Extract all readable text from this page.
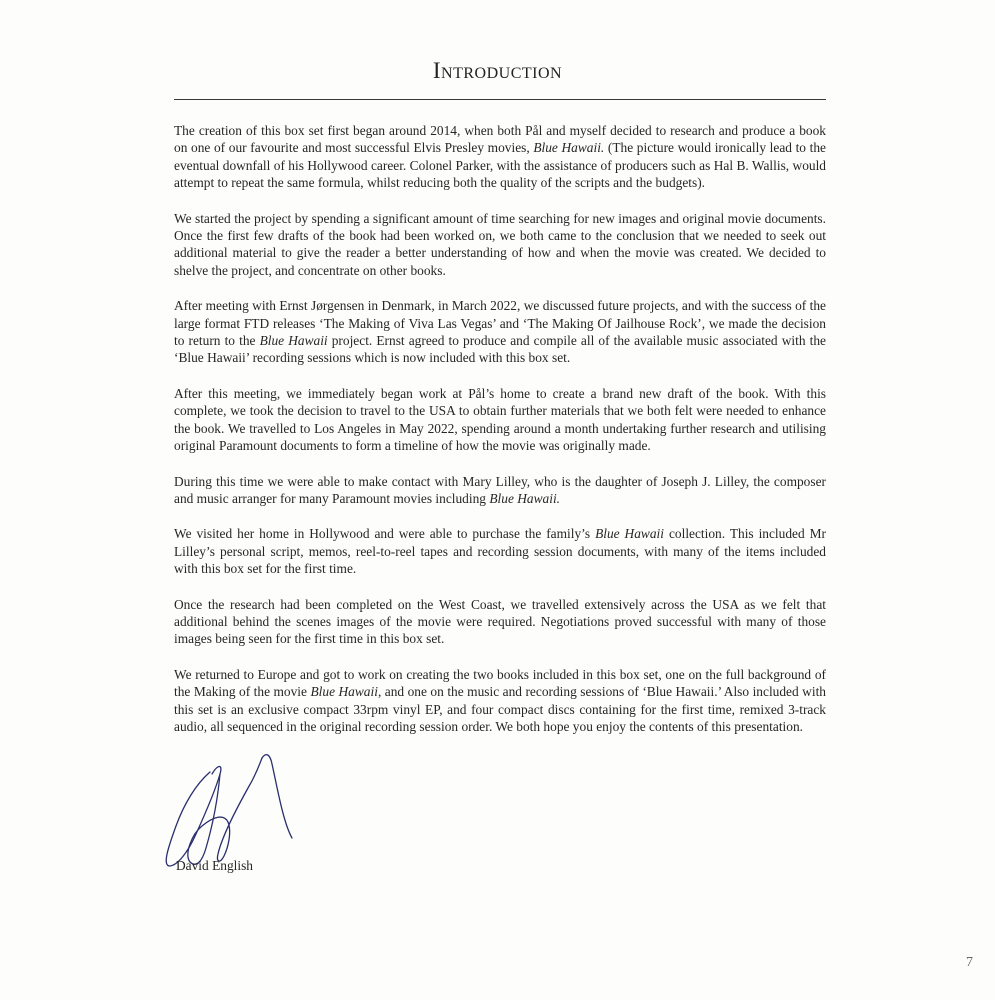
Introduction

The creation of this box set first began around 2014, when both Pål and myself decided to research and produce a book on one of our favourite and most successful Elvis Presley movies, Blue Hawaii. (The picture would ironically lead to the eventual downfall of his Hollywood career. Colonel Parker, with the assistance of producers such as Hal B. Wallis, would attempt to repeat the same formula, whilst reducing both the quality of the scripts and the budgets).

We started the project by spending a significant amount of time searching for new images and original movie documents. Once the first few drafts of the book had been worked on, we both came to the conclusion that we needed to seek out additional material to give the reader a better understanding of how and when the movie was created. We decided to shelve the project, and concentrate on other books.

After meeting with Ernst Jørgensen in Denmark, in March 2022, we discussed future projects, and with the success of the large format FTD releases ‘The Making of Viva Las Vegas’ and ‘The Making Of Jailhouse Rock’, we made the decision to return to the Blue Hawaii project. Ernst agreed to produce and compile all of the available music associated with the ‘Blue Hawaii’ recording sessions which is now included with this box set.

After this meeting, we immediately began work at Pål’s home to create a brand new draft of the book. With this complete, we took the decision to travel to the USA to obtain further materials that we both felt were needed to enhance the book. We travelled to Los Angeles in May 2022, spending around a month undertaking further research and utilising original Paramount documents to form a timeline of how the movie was originally made.

During this time we were able to make contact with Mary Lilley, who is the daughter of Joseph J. Lilley, the composer and music arranger for many Paramount movies including Blue Hawaii.

We visited her home in Hollywood and were able to purchase the family’s Blue Hawaii collection. This included Mr Lilley’s personal script, memos, reel-to-reel tapes and recording session documents, with many of the items included with this box set for the first time.

Once the research had been completed on the West Coast, we travelled extensively across the USA as we felt that additional behind the scenes images of the movie were required. Negotiations proved successful with many of those images being seen for the first time in this box set.

We returned to Europe and got to work on creating the two books included in this box set, one on the full background of the Making of the movie Blue Hawaii, and one on the music and recording sessions of ‘Blue Hawaii.’ Also included with this set is an exclusive compact 33rpm vinyl EP, and four compact discs containing for the first time, remixed 3-track audio, all sequenced in the original recording session order. We both hope you enjoy the contents of this presentation.

David English
7
